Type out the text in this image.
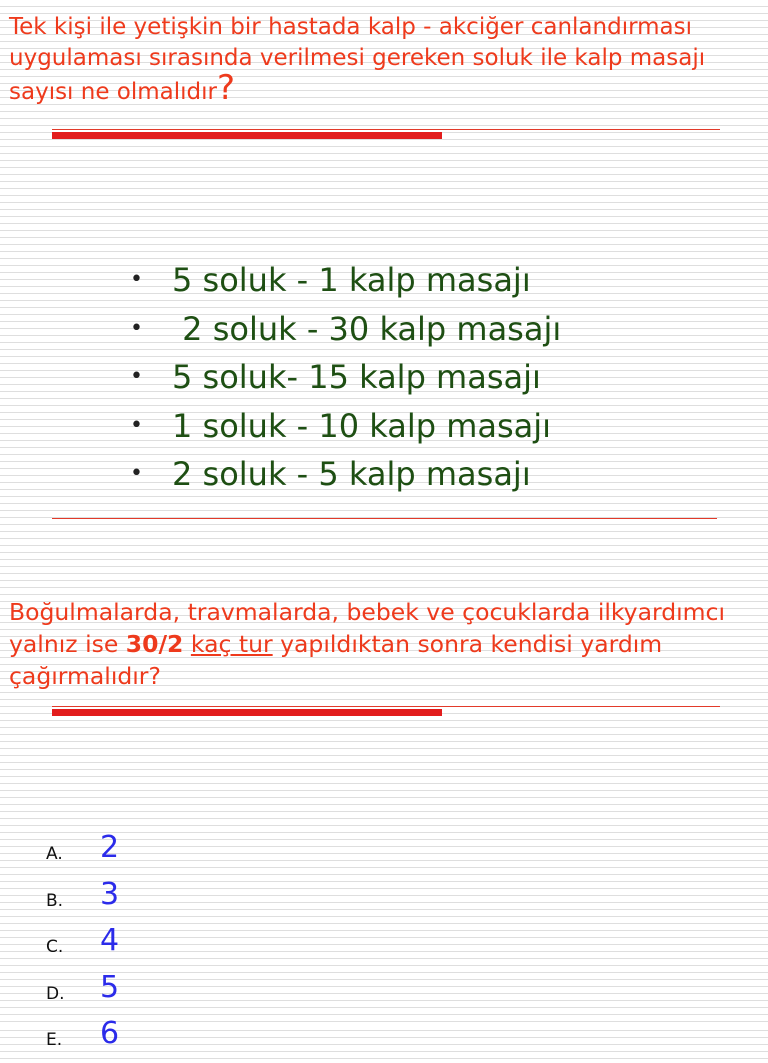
Tek kişi ile yetişkin bir hastada kalp - akciğer canlandırması uygulaması sırasında verilmesi gereken soluk ile kalp masajı sayısı ne olmalıdır?

• 5 soluk - 1 kalp masajı
• 2 soluk - 30 kalp masajı
• 5 soluk- 15 kalp masajı
• 1 soluk - 10 kalp masajı
• 2 soluk - 5 kalp masajı

Boğulmalarda, travmalarda, bebek ve çocuklarda ilkyardımcı yalnız ise 30/2 kaç tur yapıldıktan sonra kendisi yardım çağırmalıdır?

A. 2
B. 3
C. 4
D. 5
E. 6
